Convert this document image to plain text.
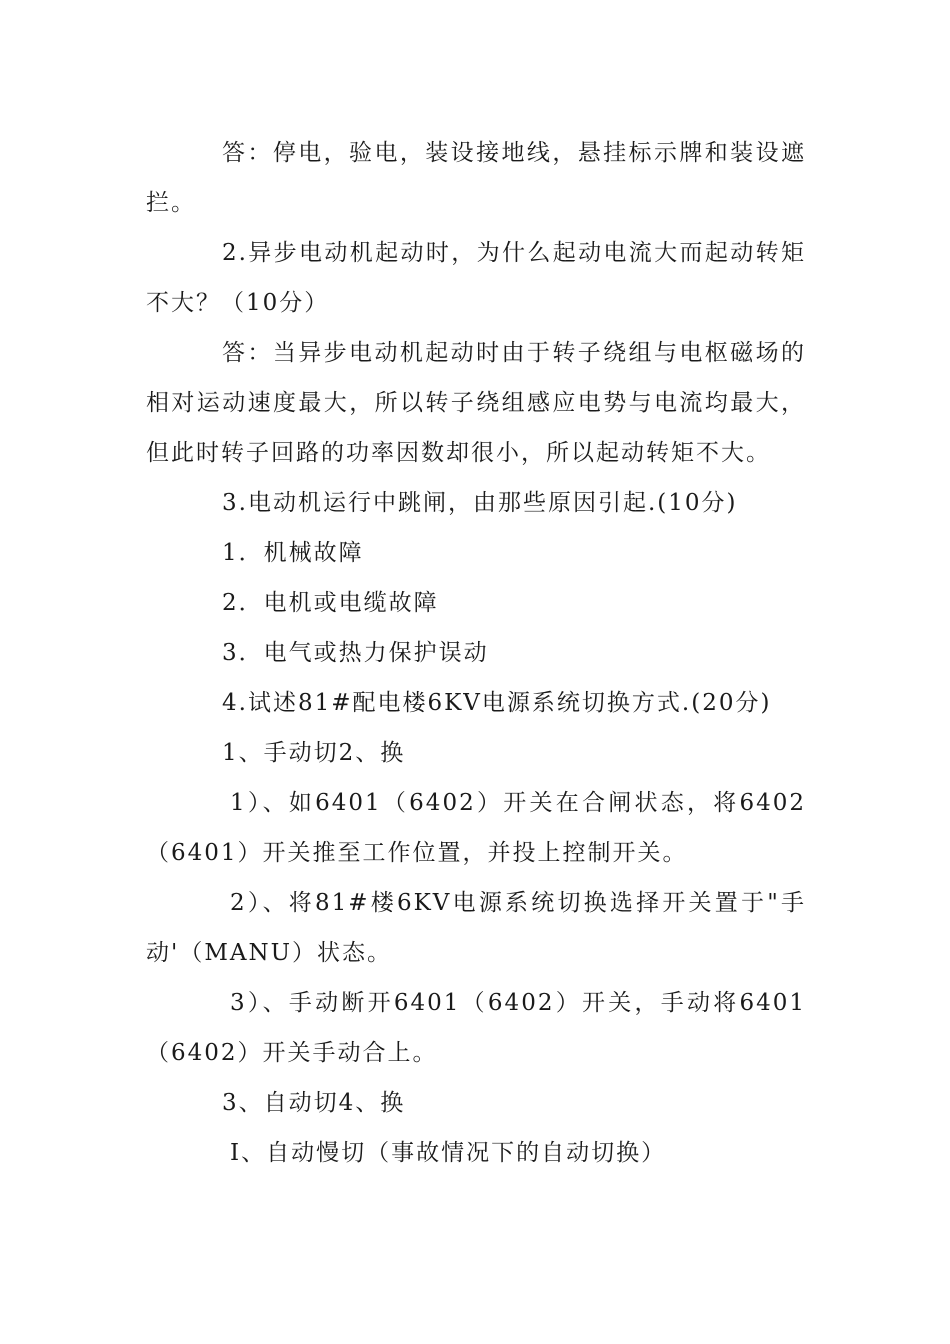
答：停电，验电，装设接地线，悬挂标示牌和装设遮拦。

2.异步电动机起动时，为什么起动电流大而起动转矩不大？（10分）

答：当异步电动机起动时由于转子绕组与电枢磁场的相对运动速度最大，所以转子绕组感应电势与电流均最大，但此时转子回路的功率因数却很小，所以起动转矩不大。

3.电动机运行中跳闸，由那些原因引起.(10分)

1．机械故障

2．电机或电缆故障

3．电气或热力保护误动

4.试述81#配电楼6KV电源系统切换方式.(20分)

1、手动切2、换

1）、如6401（6402）开关在合闸状态，将6402（6401）开关推至工作位置，并投上控制开关。

2）、将81#楼6KV电源系统切换选择开关置于"手动'（MANU）状态。

3）、手动断开6401（6402）开关，手动将6401（6402）开关手动合上。

3、自动切4、换

Ⅰ、自动慢切（事故情况下的自动切换）
